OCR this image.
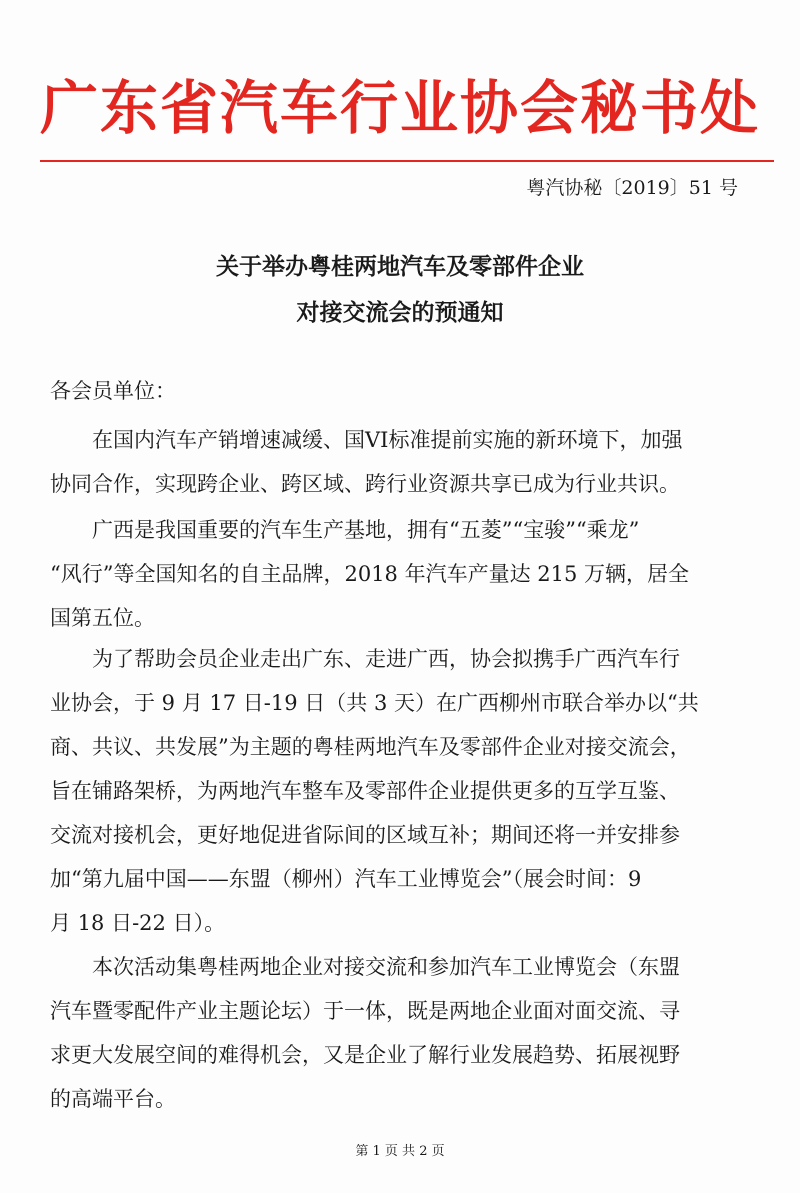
广东省汽车行业协会秘书处
粤汽协秘〔2019〕51 号
关于举办粤桂两地汽车及零部件企业
对接交流会的预通知
各会员单位：
　　在国内汽车产销增速减缓、国VI标准提前实施的新环境下，加强
协同合作，实现跨企业、跨区域、跨行业资源共享已成为行业共识。
　　广西是我国重要的汽车生产基地，拥有“五菱”“宝骏”“乘龙”
“风行”等全国知名的自主品牌，2018 年汽车产量达 215 万辆，居全
国第五位。
　　为了帮助会员企业走出广东、走进广西，协会拟携手广西汽车行
业协会，于 9 月 17 日-19 日（共 3 天）在广西柳州市联合举办以“共
商、共议、共发展”为主题的粤桂两地汽车及零部件企业对接交流会，
旨在铺路架桥，为两地汽车整车及零部件企业提供更多的互学互鉴、
交流对接机会，更好地促进省际间的区域互补；期间还将一并安排参
加“第九届中国——东盟（柳州）汽车工业博览会”（展会时间：9
月 18 日-22 日）。
　　本次活动集粤桂两地企业对接交流和参加汽车工业博览会（东盟
汽车暨零配件产业主题论坛）于一体，既是两地企业面对面交流、寻
求更大发展空间的难得机会，又是企业了解行业发展趋势、拓展视野
的高端平台。
第 1 页 共 2 页
